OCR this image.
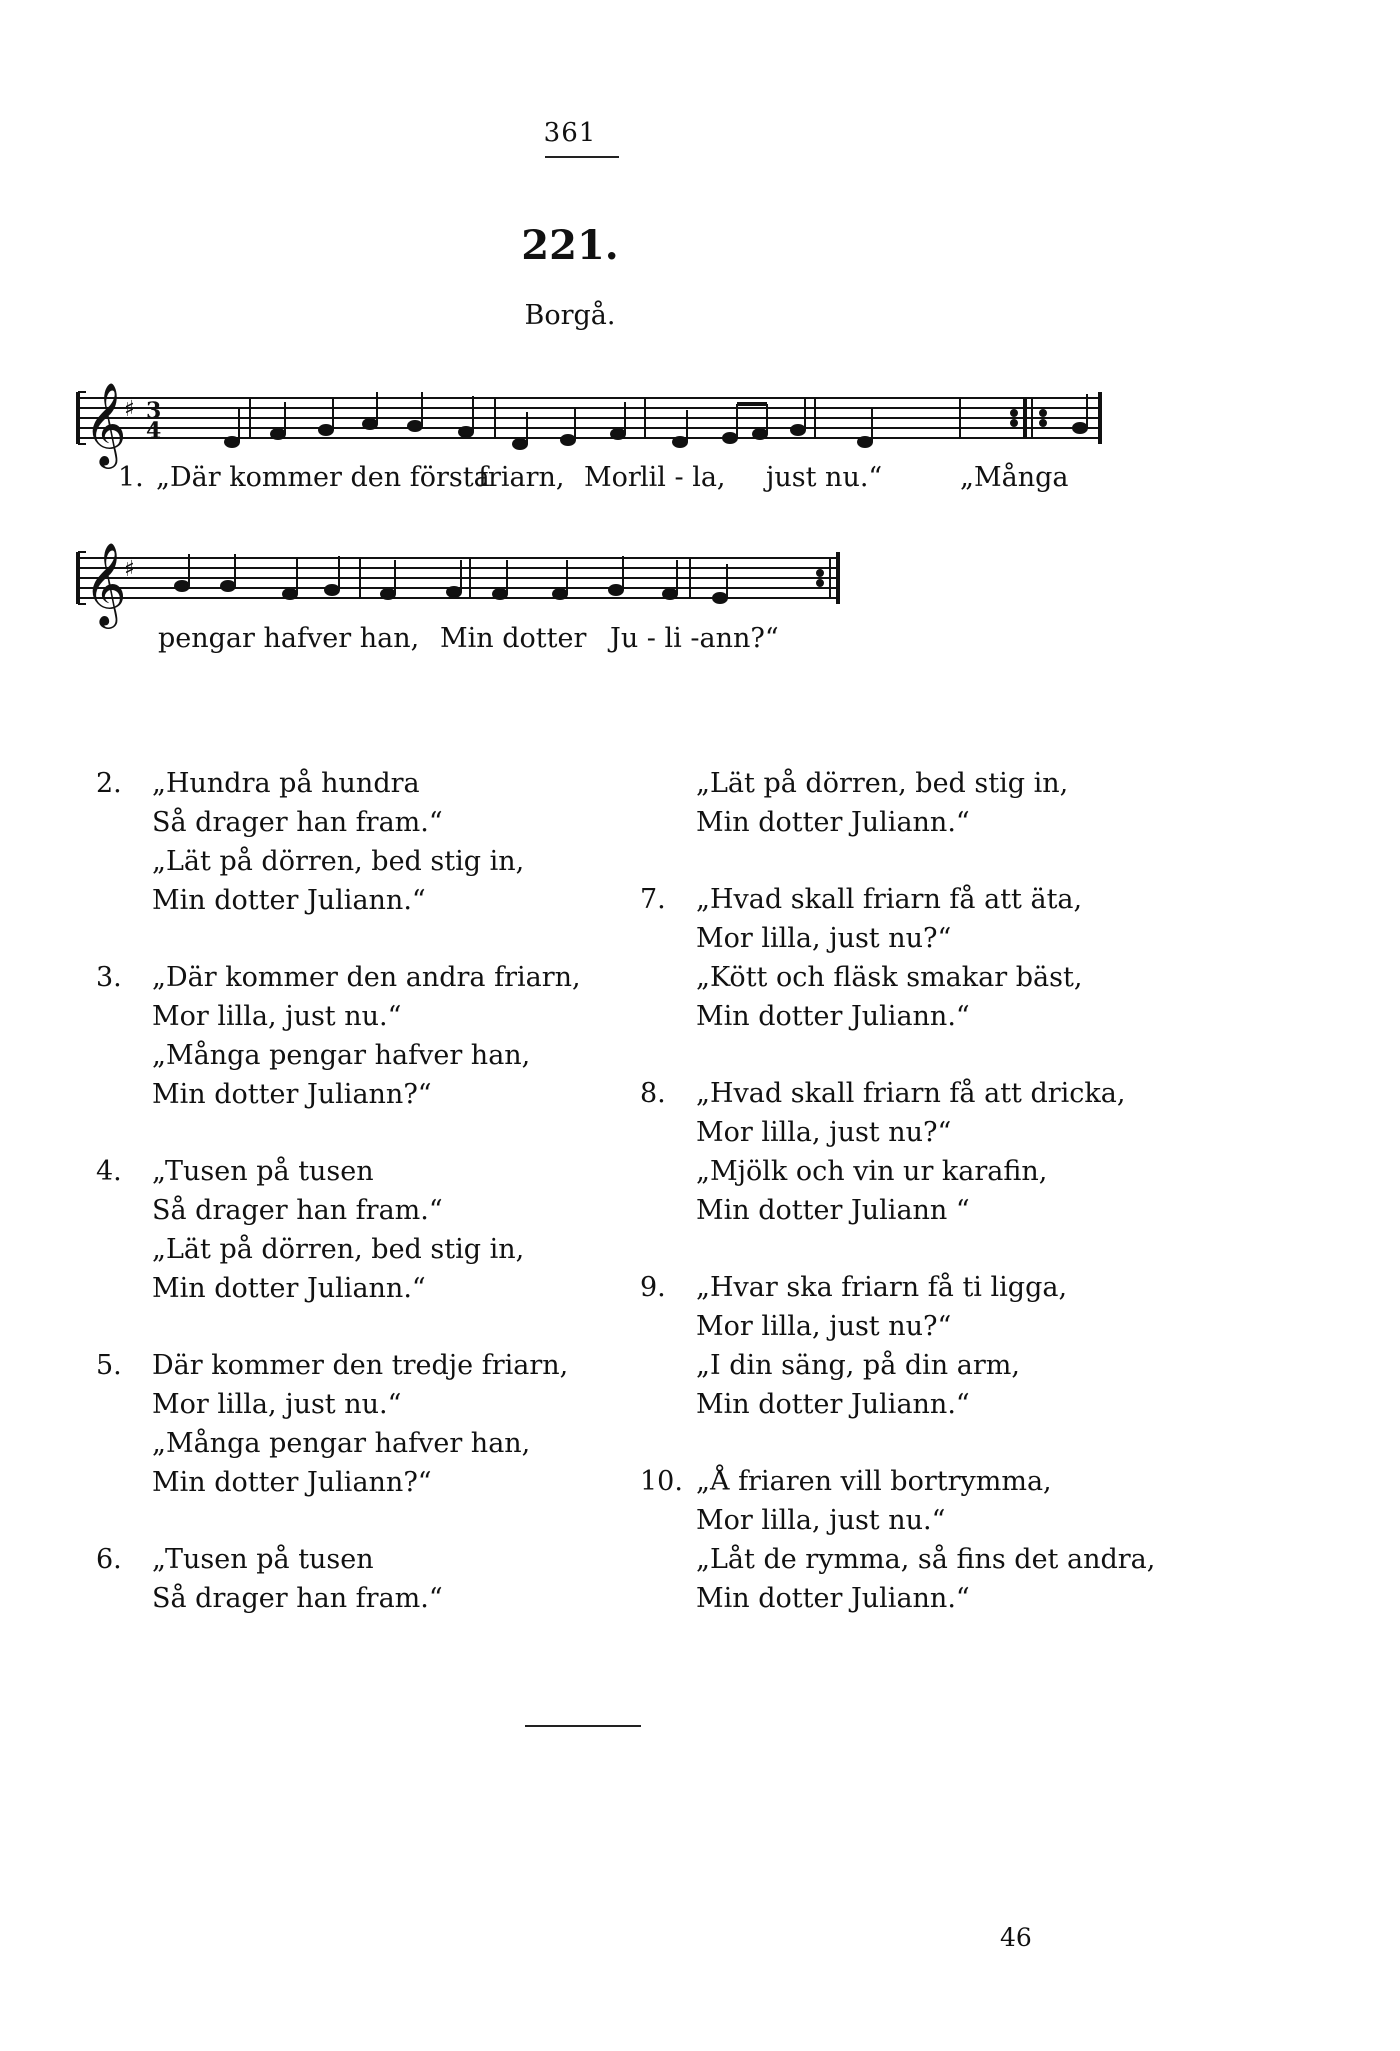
361
221.
Borgå.
𝄞
♯ 3
4
1. „Där kommer den första
friarn, Mor lil - la, just nu.“	„Många
𝄞
♯
pengar hafver han, Min dotter Ju - li -ann?“
2.	„Hundra på hundra
Så drager han fram.“
„Lät på dörren, bed stig in,
Min dotter Juliann.“
3.	„Där kommer den andra friarn,
Mor lilla, just nu.“
„Många pengar hafver han,
Min dotter Juliann?“
4.	„Tusen på tusen
Så drager han fram.“
„Lät på dörren, bed stig in,
Min dotter Juliann.“
5.	Där kommer den tredje friarn,
Mor lilla, just nu.“
„Många pengar hafver han,
Min dotter Juliann?“
6.	„Tusen på tusen
Så drager han fram.“
„Lät på dörren, bed stig in,
Min dotter Juliann.“
7.	„Hvad skall friarn få att äta,
Mor lilla, just nu?“
„Kött och fläsk smakar bäst,
Min dotter Juliann.“
8.	„Hvad skall friarn få att dricka,
Mor lilla, just nu?“
„Mjölk och vin ur karafin,
Min dotter Juliann “
9.	„Hvar ska friarn få ti ligga,
Mor lilla, just nu?“
„I din säng, på din arm,
Min dotter Juliann.“
10. „Å friaren vill bortrymma,
Mor lilla, just nu.“
„Låt de rymma, så fins det andra,
Min dotter Juliann.“
46
